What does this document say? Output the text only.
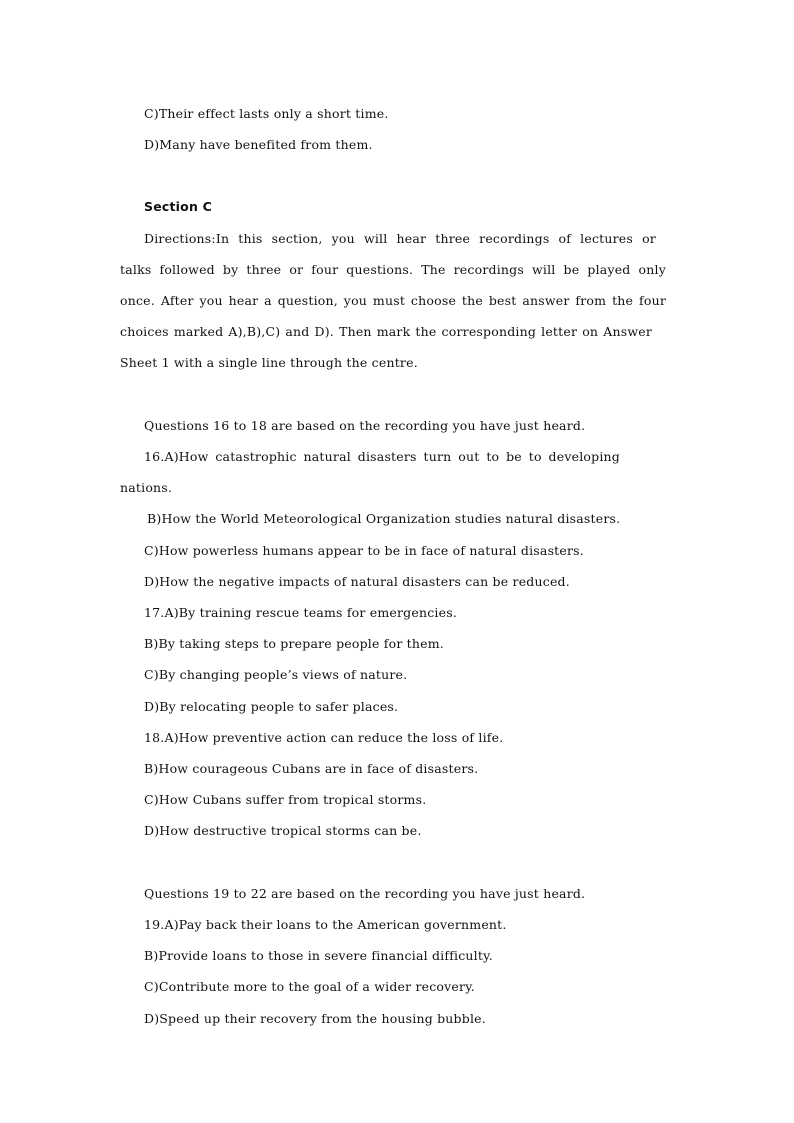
C)Their effect lasts only a short time.
D)Many have benefited from them.
Section C
Directions:In this section, you will hear three recordings of lectures or
talks followed by three or four questions. The recordings will be played only
once. After you hear a question, you must choose the best answer from the four
choices marked A),B),C) and D). Then mark the corresponding letter on Answer
Sheet 1 with a single line through the centre.
Questions 16 to 18 are based on the recording you have just heard.
16.A)How catastrophic natural disasters turn out to be to developing
nations.
B)How the World Meteorological Organization studies natural disasters.
C)How powerless humans appear to be in face of natural disasters.
D)How the negative impacts of natural disasters can be reduced.
17.A)By training rescue teams for emergencies.
B)By taking steps to prepare people for them.
C)By changing people’s views of nature.
D)By relocating people to safer places.
18.A)How preventive action can reduce the loss of life.
B)How courageous Cubans are in face of disasters.
C)How Cubans suffer from tropical storms.
D)How destructive tropical storms can be.
Questions 19 to 22 are based on the recording you have just heard.
19.A)Pay back their loans to the American government.
B)Provide loans to those in severe financial difficulty.
C)Contribute more to the goal of a wider recovery.
D)Speed up their recovery from the housing bubble.
